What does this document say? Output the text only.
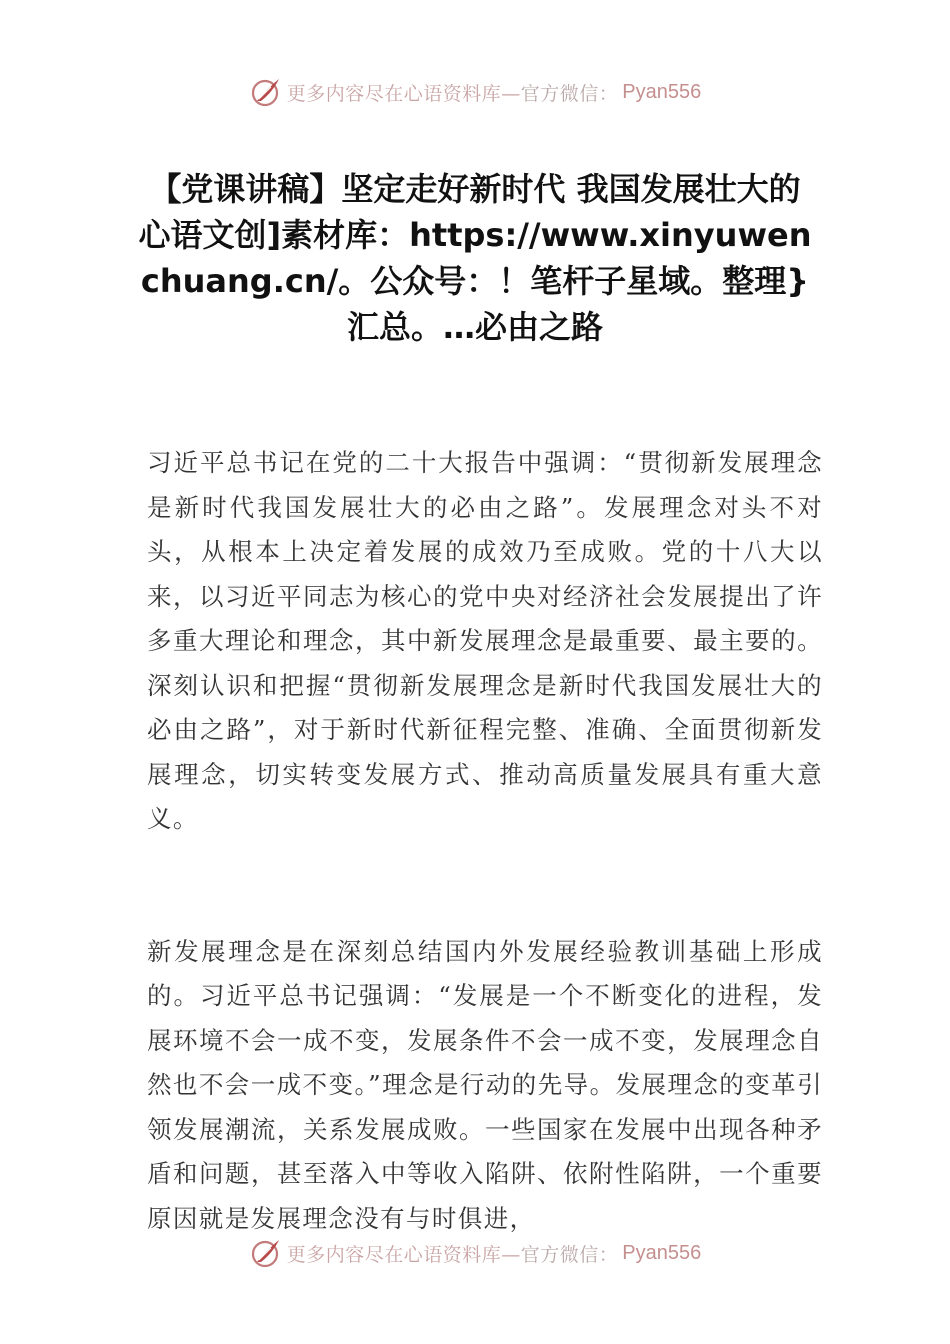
更多内容尽在心语资料库— 官方微信： Pyan556
【党课讲稿】坚定走好新时代 我国发展壮大的心语文创]素材库：https://www.xinyuwenchuang.cn/。公众号：！笔杆子星域。整理}汇总。…必由之路

习近平总书记在党的二十大报告中强调：“贯彻新发展理念是新时代我国发展壮大的必由之路”。发展理念对头不对头，从根本上决定着发展的成效乃至成败。党的十八大以来，以习近平同志为核心的党中央对经济社会发展提出了许多重大理论和理念，其中新发展理念是最重要、最主要的。深刻认识和把握“贯彻新发展理念是新时代我国发展壮大的必由之路”，对于新时代新征程完整、准确、全面贯彻新发展理念，切实转变发展方式、推动高质量发展具有重大意义。

新发展理念是在深刻总结国内外发展经验教训基础上形成的。习近平总书记强调：“发展是一个不断变化的进程，发展环境不会一成不变，发展条件不会一成不变，发展理念自然也不会一成不变。”理念是行动的先导。发展理念的变革引领发展潮流，关系发展成败。一些国家在发展中出现各种矛盾和问题，甚至落入中等收入陷阱、依附性陷阱，一个重要原因就是发展理念没有与时俱进，

更多内容尽在心语资料库— 官方微信： Pyan556
